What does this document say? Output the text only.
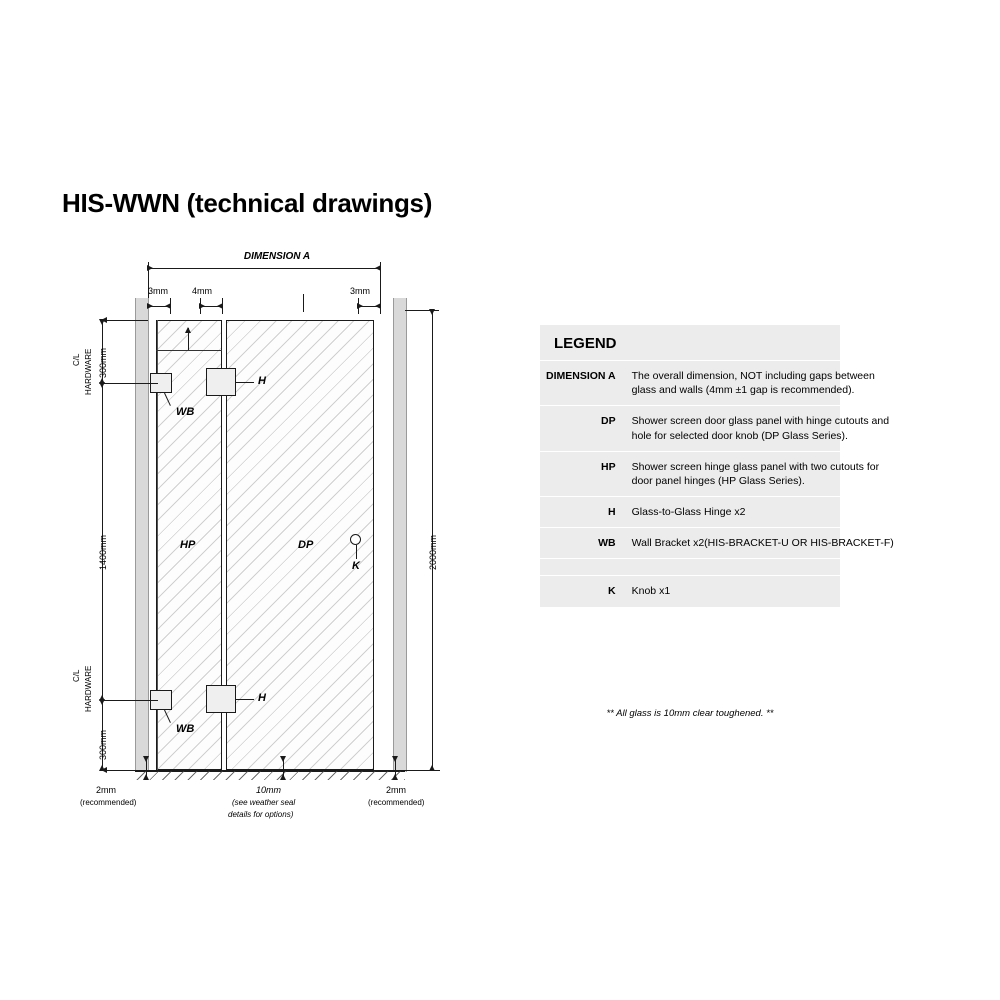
HIS-WWN (technical drawings)
DIMENSION A
3mm	4mm	3mm
HP	DP
H
WB
H
WB
K
300mm
1400mm
300mm
C/L HARDWARE
C/L HARDWARE
2000mm
2mm
(recommended)
10mm
(see weather seal
details for options)
2mm
(recommended)
LEGEND
DIMENSION A	The overall dimension, NOT including gaps between glass and walls (4mm ±1 gap is recommended).
DP	Shower screen door glass panel with hinge cutouts and hole for selected door knob (DP Glass Series).
HP	Shower screen hinge glass panel with two cutouts for door panel hinges (HP Glass Series).
H	Glass-to-Glass Hinge x2
WB	Wall Bracket x2(HIS-BRACKET-U OR HIS-BRACKET-F)

K	Knob x1
** All glass is 10mm clear toughened. **
